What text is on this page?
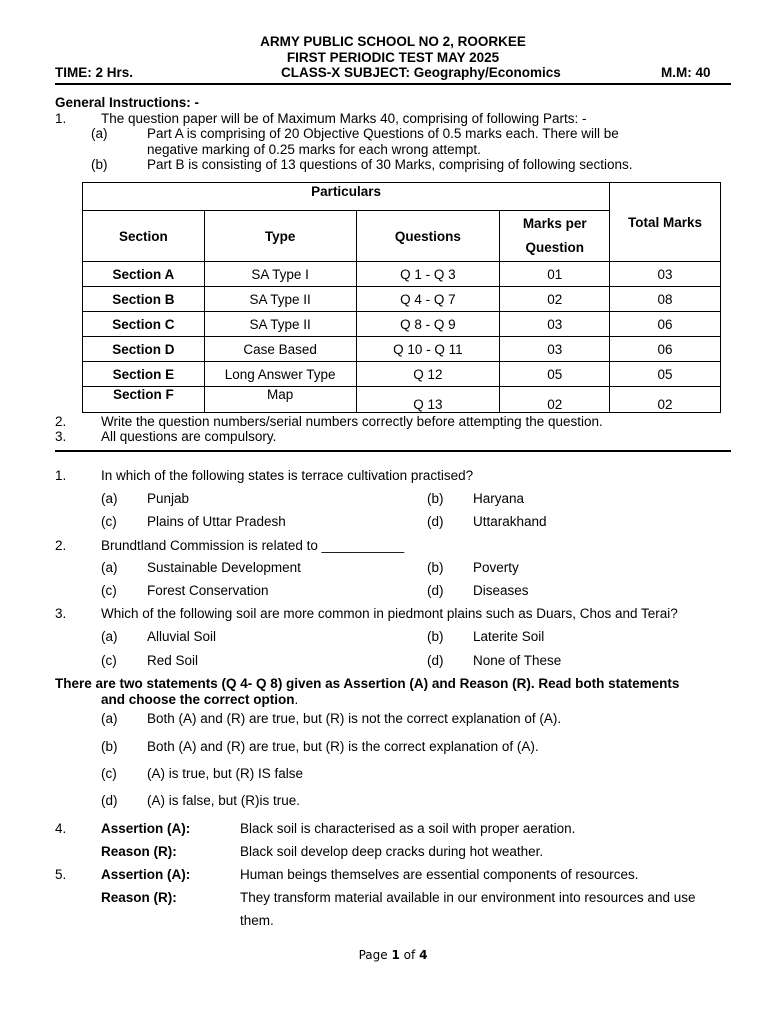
ARMY PUBLIC SCHOOL NO 2, ROORKEE
FIRST PERIODIC TEST MAY 2025
TIME: 2 Hrs.	CLASS-X SUBJECT: Geography/Economics	M.M: 40
General Instructions: -
1.	The question paper will be of Maximum Marks 40, comprising of following Parts: -
(a)	Part A is comprising of 20 Objective Questions of 0.5 marks each. There will be
negative marking of 0.25 marks for each wrong attempt.
(b)	Part B is consisting of 13 questions of 30 Marks, comprising of following sections.
Particulars				Total Marks
Section	Type	Questions	Marks per
Question	
Section A	SA Type I	Q 1 - Q 3	01	03
Section B	SA Type II	Q 4 - Q 7	02	08
Section C	SA Type II	Q 8 - Q 9	03	06
Section D	Case Based	Q 10 - Q 11	03	06
Section E	Long Answer Type	Q 12	05	05
Section F	Map	Q 13	02	02
2.	Write the question numbers/serial numbers correctly before attempting the question.
3.	All questions are compulsory.
1.	In which of the following states is terrace cultivation practised?
(a) Punjab	(b) Haryana
(c) Plains of Uttar Pradesh	(d) Uttarakhand
2.	Brundtland Commission is related to ___________
(a) Sustainable Development	(b) Poverty
(c) Forest Conservation	(d) Diseases
3.	Which of the following soil are more common in piedmont plains such as Duars, Chos and Terai?
(a) Alluvial Soil	(b) Laterite Soil
(c) Red Soil	(d) None of These
There are two statements (Q 4- Q 8) given as Assertion (A) and Reason (R). Read both statements
and choose the correct option.
(a) Both (A) and (R) are true, but (R) is not the correct explanation of (A).
(b) Both (A) and (R) are true, but (R) is the correct explanation of (A).
(c) (A) is true, but (R) IS false
(d) (A) is false, but (R)is true.
4.	Assertion (A):	Black soil is characterised as a soil with proper aeration.
Reason (R):	Black soil develop deep cracks during hot weather.
5.	Assertion (A):	Human beings themselves are essential components of resources.
Reason (R):	They transform material available in our environment into resources and use
them.
Page 1 of 4
